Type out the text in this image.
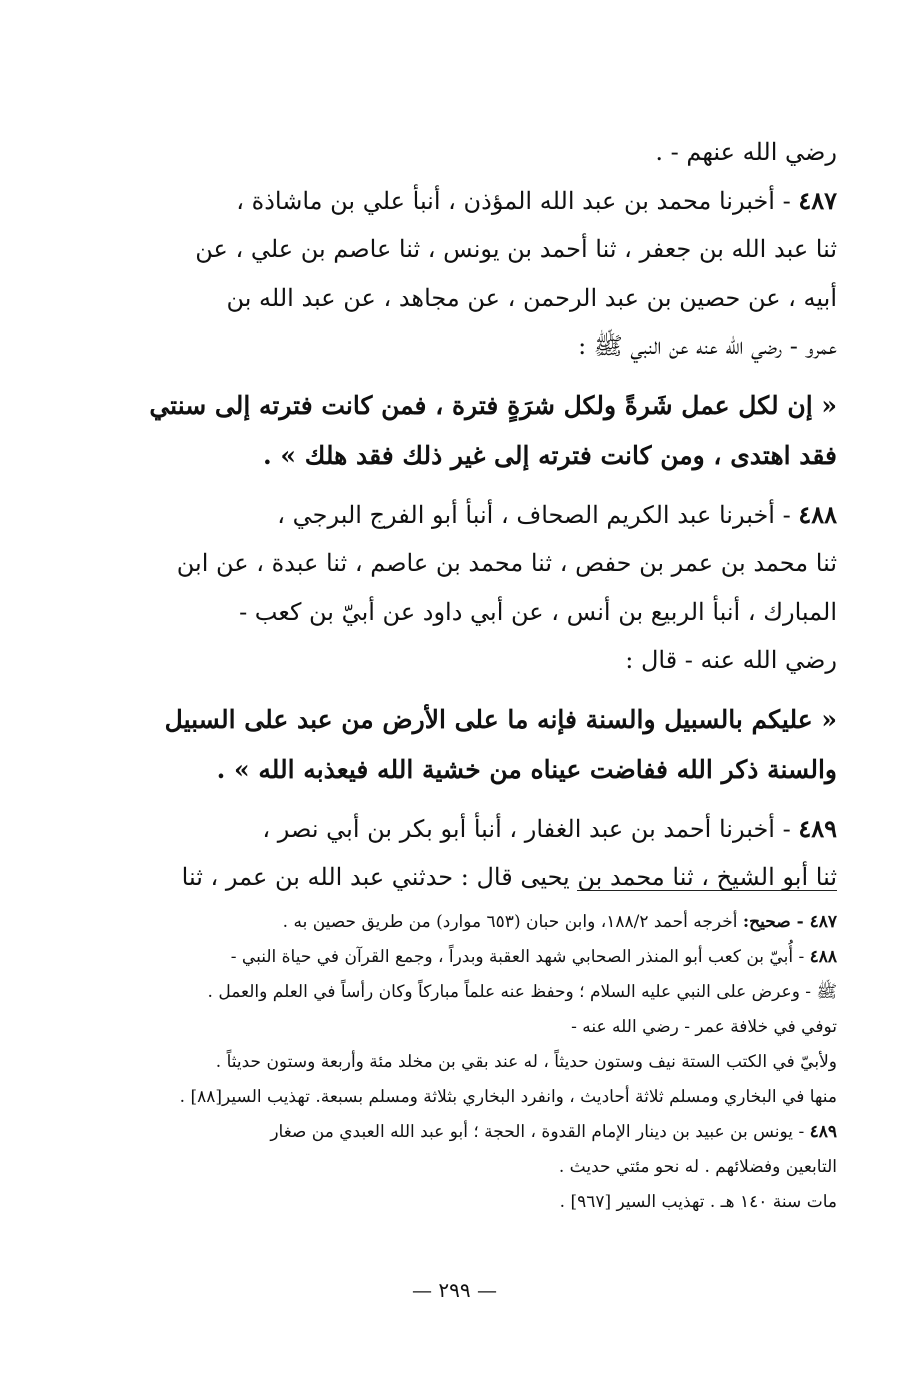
رضي الله عنهم - .

٤٨٧ - أخبرنا محمد بن عبد الله المؤذن ، أنبأ علي بن ماشاذة ،

ثنا عبد الله بن جعفر ، ثنا أحمد بن يونس ، ثنا عاصم بن علي ، عن

أبيه ، عن حصين بن عبد الرحمن ، عن مجاهد ، عن عبد الله بن

عمرو - رضي الله عنه عن النبي ﷺ :

« إن لكل عمل شَرةً ولكل شرَةٍ فترة ، فمن كانت فترته إلى سنتي

فقد اهتدى ، ومن كانت فترته إلى غير ذلك فقد هلك » .

٤٨٨ - أخبرنا عبد الكريم الصحاف ، أنبأ أبو الفرج البرجي ،

ثنا محمد بن عمر بن حفص ، ثنا محمد بن عاصم ، ثنا عبدة ، عن ابن

المبارك ، أنبأ الربيع بن أنس ، عن أبي داود عن أبيّ بن كعب -

رضي الله عنه - قال :

« عليكم بالسبيل والسنة فإنه ما على الأرض من عبد على السبيل

والسنة ذكر الله ففاضت عيناه من خشية الله فيعذبه الله » .

٤٨٩ - أخبرنا أحمد بن عبد الغفار ، أنبأ أبو بكر بن أبي نصر ،

ثنا أبو الشيخ ، ثنا محمد بن يحيى قال : حدثني عبد الله بن عمر ، ثنا

٤٨٧ - صحيح: أخرجه أحمد ١٨٨/٢، وابن حبان (٦٥٣ موارد) من طريق حصين به .

٤٨٨ - أُبيّ بن كعب أبو المنذر الصحابي شهد العقبة وبدراً ، وجمع القرآن في حياة النبي -

ﷺ - وعرض على النبي عليه السلام ؛ وحفظ عنه علماً مباركاً وكان رأساً في العلم والعمل .

توفي في خلافة عمر - رضي الله عنه -

ولأبيّ في الكتب الستة نيف وستون حديثاً ، له عند بقي بن مخلد مئة وأربعة وستون حديثاً .

منها في البخاري ومسلم ثلاثة أحاديث ، وانفرد البخاري بثلاثة ومسلم بسبعة. تهذيب السير[٨٨] .

٤٨٩ - يونس بن عبيد بن دينار الإمام القدوة ، الحجة ؛ أبو عبد الله العبدي من صغار

التابعين وفضلائهم . له نحو مئتي حديث .

مات سنة ١٤٠ هـ . تهذيب السير [٩٦٧] .

— ٢٩٩ —
